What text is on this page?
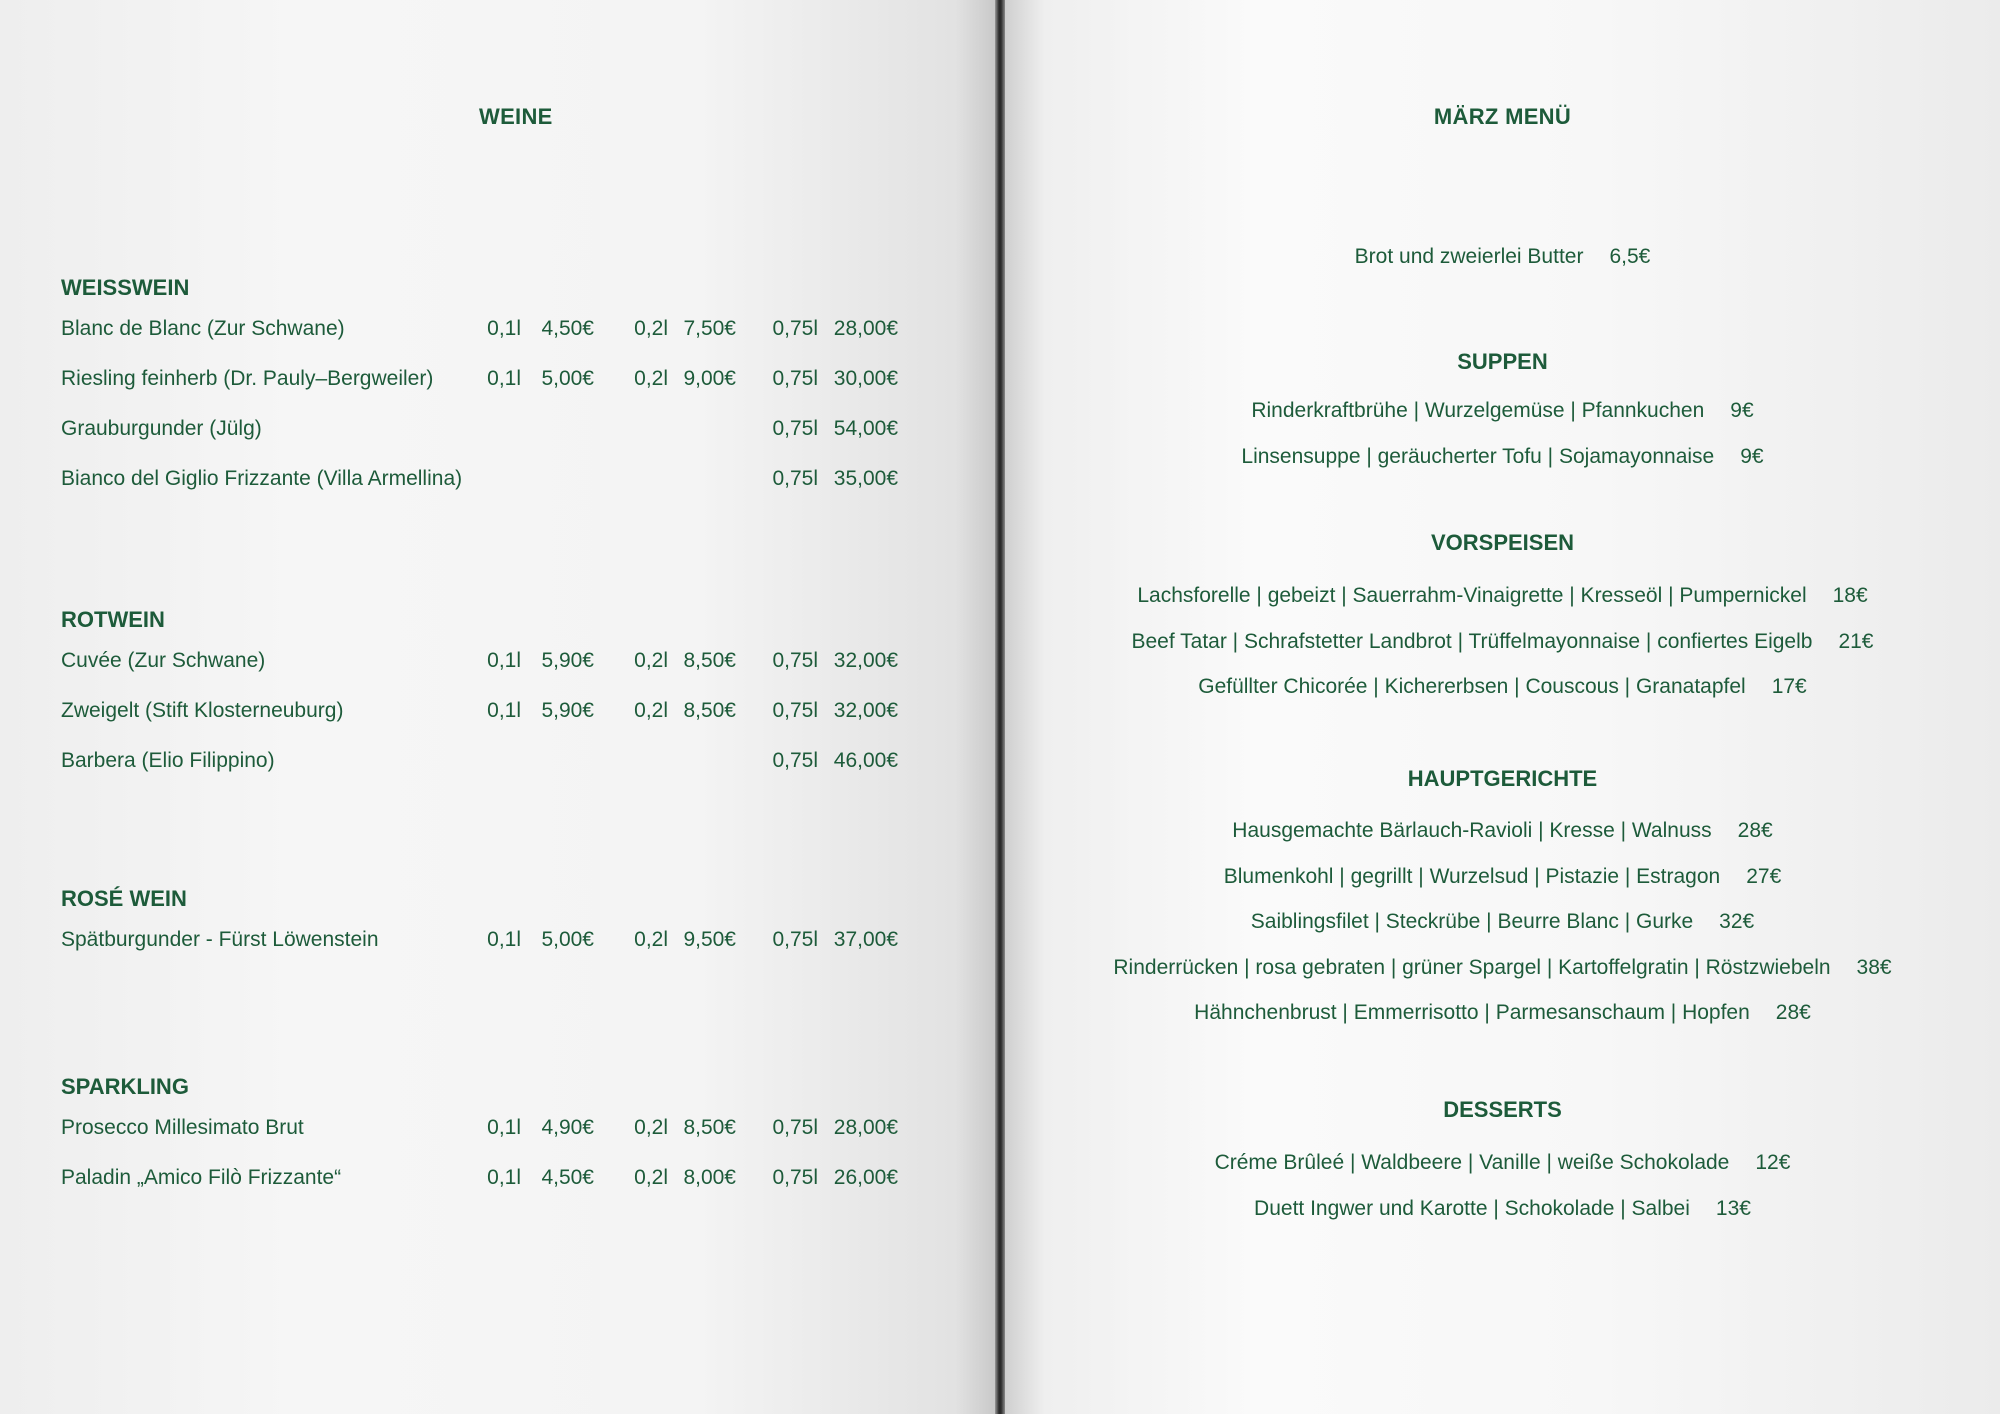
WEINE
WEISSWEIN
ROTWEIN
ROSÉ WEIN
SPARKLING
Blanc de Blanc (Zur Schwane)	0,1l 4,50€ 0,2l 7,50€ 0,75l 28,00€
Riesling feinherb (Dr. Pauly–Bergweiler)	0,1l 5,00€ 0,2l 9,00€ 0,75l 30,00€
Grauburgunder (Jülg)	0,75l 54,00€
Bianco del Giglio Frizzante (Villa Armellina)	0,75l 35,00€
Cuvée (Zur Schwane)	0,1l 5,90€ 0,2l 8,50€ 0,75l 32,00€
Zweigelt (Stift Klosterneuburg)	0,1l 5,90€ 0,2l 8,50€ 0,75l 32,00€
Barbera (Elio Filippino)	0,75l 46,00€
Spätburgunder - Fürst Löwenstein	0,1l 5,00€ 0,2l 9,50€ 0,75l 37,00€
Prosecco Millesimato Brut	0,1l 4,90€ 0,2l 8,50€ 0,75l 28,00€
Paladin „Amico Filò Frizzante“	0,1l 4,50€ 0,2l 8,00€ 0,75l 26,00€
MÄRZ MENÜ
Brot und zweierlei Butter 6,5€
SUPPEN
VORSPEISEN
HAUPTGERICHTE
DESSERTS
Rinderkraftbrühe | Wurzelgemüse | Pfannkuchen 9€
Linsensuppe | geräucherter Tofu | Sojamayonnaise 9€
Lachsforelle | gebeizt | Sauerrahm-Vinaigrette | Kresseöl | Pumpernickel 18€
Beef Tatar | Schrafstetter Landbrot | Trüffelmayonnaise | confiertes Eigelb 21€
Gefüllter Chicorée | Kichererbsen | Couscous | Granatapfel 17€
Hausgemachte Bärlauch-Ravioli | Kresse | Walnuss 28€
Blumenkohl | gegrillt | Wurzelsud | Pistazie | Estragon 27€
Saiblingsfilet | Steckrübe | Beurre Blanc | Gurke 32€
Rinderrücken | rosa gebraten | grüner Spargel | Kartoffelgratin | Röstzwiebeln 38€
Hähnchenbrust | Emmerrisotto | Parmesanschaum | Hopfen 28€
Créme Brûleé | Waldbeere | Vanille | weiße Schokolade 12€
Duett Ingwer und Karotte | Schokolade | Salbei 13€
